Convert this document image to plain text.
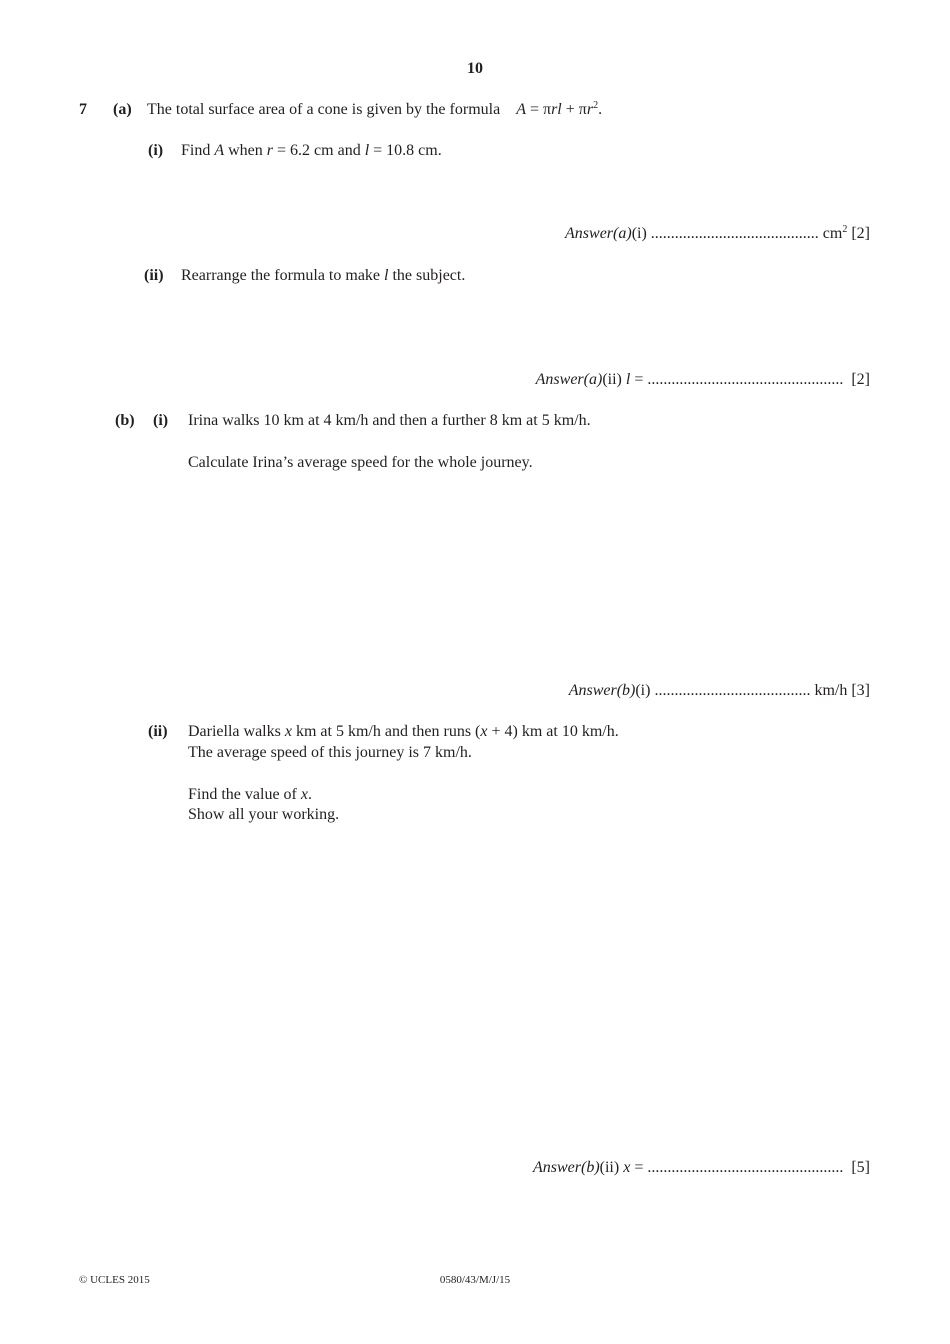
10
7 (a) The total surface area of a cone is given by the formula $A = \pi rl + \pi r^2$.
(i) Find A when r = 6.2 cm and l = 10.8 cm.
Answer(a)(i) .......................................... $cm^2$ [2]
(ii) Rearrange the formula to make l the subject.
Answer(a)(ii) l = ................................................. [2]
(b) (i) Irina walks 10 km at 4 km/h and then a further 8 km at 5 km/h.
Calculate Irina’s average speed for the whole journey.
Answer(b)(i) ....................................... km/h [3]
(ii) Dariella walks x km at 5 km/h and then runs (x + 4) km at 10 km/h.
The average speed of this journey is 7 km/h.
Find the value of x.
Show all your working.
Answer(b)(ii) x = ................................................. [5]
© UCLES 2015	0580/43/M/J/15
